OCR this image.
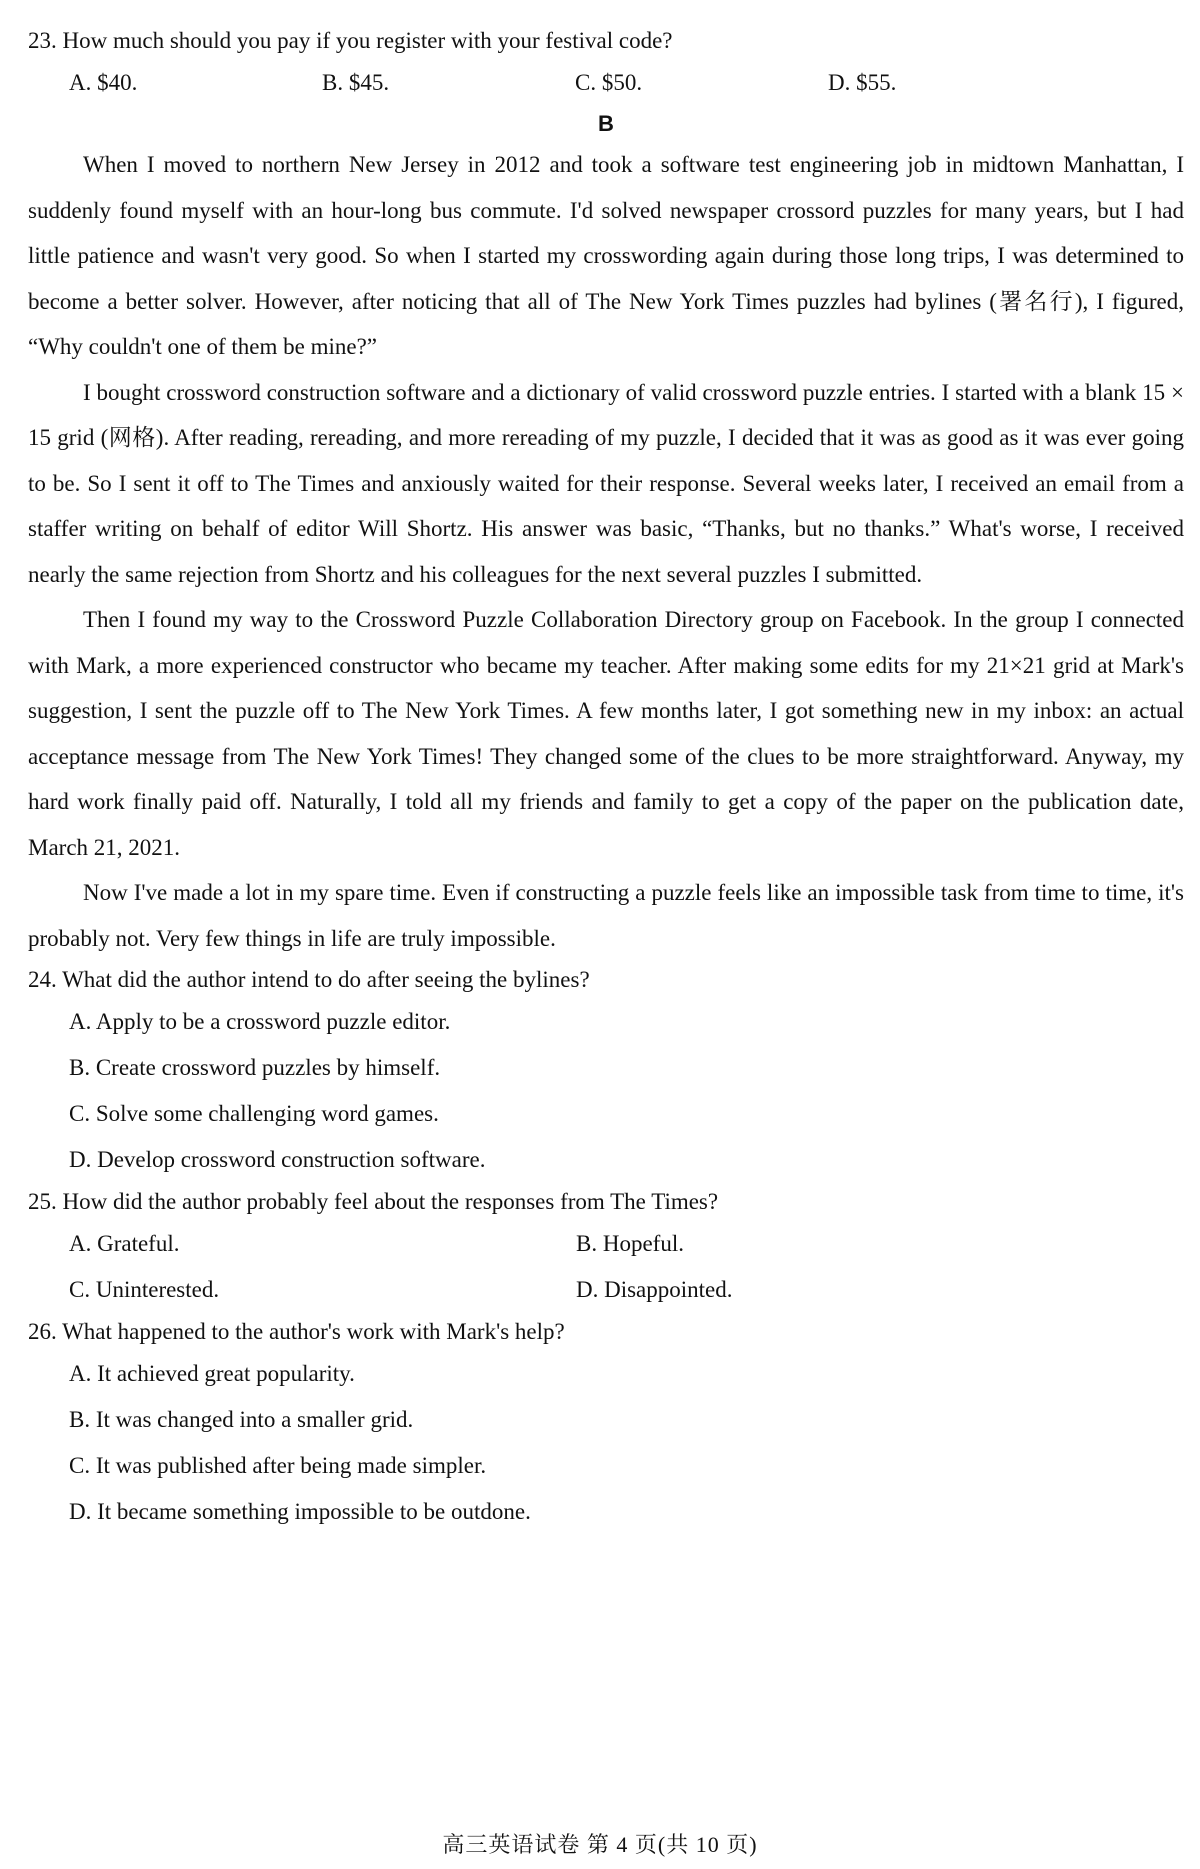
23. How much should you pay if you register with your festival code?
A. $40.	B. $45.	C. $50.	D. $55.
B

When I moved to northern New Jersey in 2012 and took a software test engineering job in midtown Manhattan, I suddenly found myself with an hour-long bus commute. I'd solved newspaper crossord puzzles for many years, but I had little patience and wasn't very good. So when I started my crosswording again during those long trips, I was determined to become a better solver. However, after noticing that all of The New York Times puzzles had bylines (署名行), I figured, “Why couldn't one of them be mine?”

I bought crossword construction software and a dictionary of valid crossword puzzle entries. I started with a blank 15 × 15 grid (网格). After reading, rereading, and more rereading of my puzzle, I decided that it was as good as it was ever going to be. So I sent it off to The Times and anxiously waited for their response. Several weeks later, I received an email from a staffer writing on behalf of editor Will Shortz. His answer was basic, “Thanks, but no thanks.” What's worse, I received nearly the same rejection from Shortz and his colleagues for the next several puzzles I submitted.

Then I found my way to the Crossword Puzzle Collaboration Directory group on Facebook. In the group I connected with Mark, a more experienced constructor who became my teacher. After making some edits for my 21×21 grid at Mark's suggestion, I sent the puzzle off to The New York Times. A few months later, I got something new in my inbox: an actual acceptance message from The New York Times! They changed some of the clues to be more straightforward. Anyway, my hard work finally paid off. Naturally, I told all my friends and family to get a copy of the paper on the publication date, March 21, 2021.

Now I've made a lot in my spare time. Even if constructing a puzzle feels like an impossible task from time to time, it's probably not. Very few things in life are truly impossible.

24. What did the author intend to do after seeing the bylines?
A. Apply to be a crossword puzzle editor.
B. Create crossword puzzles by himself.
C. Solve some challenging word games.
D. Develop crossword construction software.
25. How did the author probably feel about the responses from The Times?
A. Grateful.	B. Hopeful.
C. Uninterested.	D. Disappointed.
26. What happened to the author's work with Mark's help?
A. It achieved great popularity.
B. It was changed into a smaller grid.
C. It was published after being made simpler.
D. It became something impossible to be outdone.
高三英语试卷 第 4 页(共 10 页)
